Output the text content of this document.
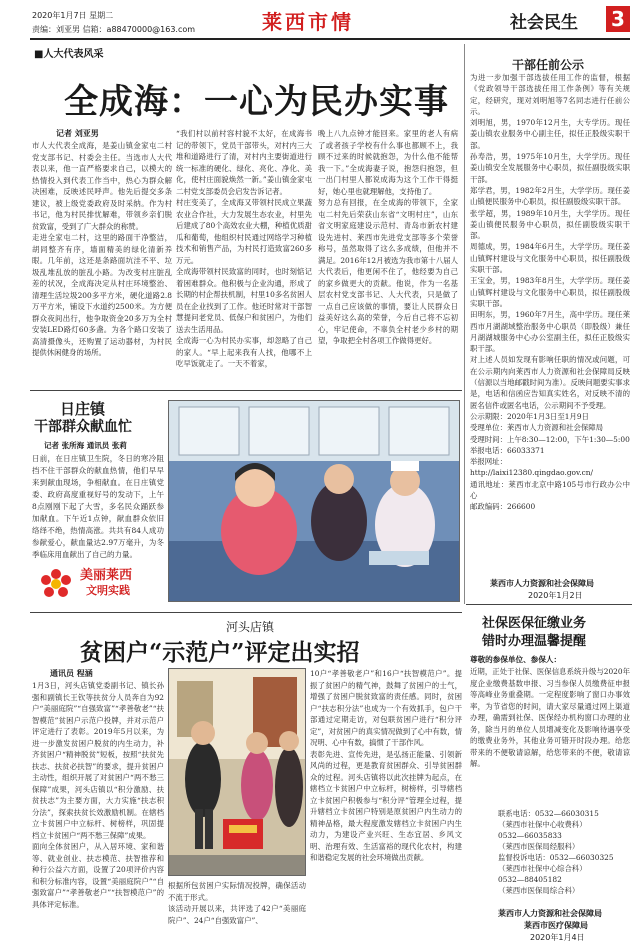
2020年1月7日 星期二
责编：刘亚男 信箱：a88470000@163.com	莱西市情	社会民生 3
■人大代表风采
全成海：一心为民办实事
记者 刘亚男
市人大代表全成海，是姜山镇金家屯二村党支部书记、村委会主任。当选市人大代表以来，他一直严格要求自己，以模大的热情投入到代表工作当中，热心为群众解决困难，反映述民呼声。他先后提交多条建议，被上级党委政府及时采纳。作为村书记，他为村民排忧解难，带领乡亲们脱贫致富，受到了广大群众的称赞。
走进全家屯二村，这里的路面干净整洁，胡同整齐有序，墙面精美的绿化清新养眼。几年前，这还是条路面坑洼不平、垃圾乱堆乱放的脏乱小路。为改变村庄脏乱差的状况，全成海决定从村庄环境整治、清理生活垃圾200多平方米，硬化道路2.8万平方米，铺设下水道约2500米。为方便群众夜间出行，他争取资金20多万为全村安装LED路灯60多盏。为各个路口安装了高清摄像头，还购置了运动器材，为村民提供休闲健身的场所。
“我们村以前村容村貌不太好，在成海书记的带领下，党员干部带头，对村内三大堆和道路进行了清，对村内主要街道进行统一标准的硬化、绿化、亮化、净化、美化，使村庄面貌焕然一新。”姜山镇金家屯二村党支部委员会启发告诉记者。
村庄变美了，全成海又带领村民成立果蔬农业合作社，大力发展生态农业，村里先后建成了80个高效农业大棚，种植优质甜瓜和葡萄，他组织村民通过网络学习种植技术和销售产品，为村民打造致富260多万元。
全成海带领村民致富的同时，也时刻惦记着困难群众。他积极与企业沟通，形成了长期的村企帮扶机制，村里10多名贫困人员在企业找到了工作。他还时常对干部智慧提问老党员、低保户和贫困户，为他们送去生活用品。
全成海一心为村民办实事，却忽略了自己的家人。“早上起来我有人找，他哪不上吃早饭就走了。一天不着家，
晚上八九点钟才能回来。家里的老人有病了或者孩子学校有什么事也都顾不上，我顾不过来的时候就抱怨，为什么他不能帮我一下。”全成海妻子说，抱怨归抱怨，但一出门村里人都说成海为这个工作干得挺好，她心里也就理解他，支持他了。
努力总有回报，在全成海的带领下，全家屯二村先后荣获山东省“文明村庄”，山东省文明家庭建设示范村、青岛市新农村建设先进村、莱西市先进党支部等多个荣誉称号，虽然取得了这么多成绩，但他并不满足。2016年12月被选为我市第十八届人大代表后，他更闲不住了，他经要为自己的家乡做更大的贡献。他说，作为一名基层农村党支部书记、人大代表，只是做了一点自己应该做的事情，要让人民群众日益美好这么高的荣誉，今后自己将不忘初心，牢记使命，不辜负全村老少乡村的期望，争取把全村各项工作做得更好。
干部任前公示
为进一步加强干部选拔任用工作的监督，根据《党政领导干部选拔任用工作条例》等有关规定，经研究，现对刘明旭等7名同志进行任前公示。
刘明旭，男，1970年12月生，大专学历。现任姜山镇农业服务中心副主任，拟任正股级实职干部。
孙寿浩，男，1975年10月生，大学学历。现任姜山镇安全发展服务中心职员，拟任副股级实职干部。
郑学君，男，1982年2月生，大学学历。现任姜山镇便民服务中心职员，拟任副股级实职干部。
张学超，男，1989年10月生，大学学历。现任姜山镇便民服务中心职员，拟任副股级实职干部。
周德成，男，1984年6月生，大学学历。现任姜山镇辉村建设与文化服务中心职员，拟任副股级实职干部。
王宝金，男，1983年8月生，大学学历。现任姜山镇辉村建设与文化服务中心职员，拟任副股级实职干部。
田明东，男，1960年7月生，高中学历。现任莱西市月湖湖域整治服务中心职员（即股级）兼任月湖湖城服务中心办公室副主任，拟任正股级实职干部。
对上述人员如发现有影响任职的情况或问题，可在公示期内向莱西市人力资源和社会保障局反映（信源以当地邮戳时间为准）。反映问题要实事求是，电话和信函应告知真实姓名，对反映不清的匿名信件或匿名电话，公示期间不予受理。
公示期限：2020年1月3日至1月9日
受理单位：莱西市人力资源和社会保障局
受理时间：上午8:30—12:00，下午1:30—5:00
举报电话：66033371
举报网址：
http://laixi12380.qingdao.gov.cn/
通讯地址：莱西市北京中路105号市行政办公中心
邮政编码：266600
莱西市人力资源和社会保障局
2020年1月2日
日庄镇
干部群众献血忙
记者 张所海 通讯员 张莉
日前，在日庄镇卫生院，冬日的寒冷阻挡不住干部群众的献血热情，他们早早来到献血现场，争相献血。在日庄镇党委、政府高度重视好号的发动下，上午8点刚刚下起了大雪，多名民众踊跃参加献血。下午近1点钟，献血群众依旧络绎不绝，热情高涨。共共有84人成功参献爱心，献血量达2.97万毫升，为冬季临床用血献出了自己的力量。
美丽莱西
文明实践
河头店镇
贫困户“示范户”评定出实招
通讯员 程涵
1月3日，河头店镇党委副书记、镇长孙强和副镇长王钦等扶贫分人员奔自为92户“美丽庭院”“自强致富”“孝善敬老”“扶智模范”贫困户示范户投牌，并对示范户评定进行了表彰。2019年5月以来，为进一步激发贫困户脱贫的内生动力，补齐贫困户“精神脱贫”短板，按照“扶贫先扶志、扶贫必扶智”的要求，提升贫困户主动性，组织开展了对贫困户“两不愁三保障”成果，河头店镇以“积分激励、扶贫扶志”为主要方面，大力实施“扶志积分法”，探索扶贫长效激励机制。在辖档立卡贫困户中立标杆、树榜样，巩固提档立卡贫困户“两不愁三保障”成果。
面向全体贫困户，从入居环境、家和谐等、就业创业、扶志模范、扶智推荐和种行公益六方面，设置了20项评价内容和积分标准内容，设置“美丽庭院户”“自强致富户”“孝善敬老户”“扶智模范户”的具体评定标准。
根据所包贫困户实际情况投牌，确保活动不流于形式。
该活动开展以来，共评选了42户“美丽庭院户”、24户“自强致富户”、
10户“孝善敬老户”和16户“扶智模范户”。提振了贫困户的精气神，鼓舞了贫困户的士气，增强了贫困户脱贫致富的责任感。同时，贫困户“扶志积分法”也成为一个有效抓手，包户干部通过定期走访，对包联贫困户进行“积分评定”，对贫困户的真实情况做到了心中有数，情况明、心中有数，搞惯了干部作风。
表彰先进、宣传先进，是弘扬正能量、引领新风尚的过程，更是教育贫困群众、引导贫困群众的过程。河头店镇将以此次挂牌为起点，在辖档立卡贫困户中立标杆，树榜样，引导辖档立卡贫困户积极参与“积分评”管理全过程，提升辖档立卡贫困户特别是原贫困户内生动力的精神品格，最大程度激发辖档立卡贫困户内生动力，为建设产业兴旺、生态宜居、乡风文明、治理有效、生活富裕的现代化农村，构建和谐稳定发展的社会环境做出贡献。
社保医保征缴业务
错时办理温馨提醒
尊敬的参保单位、参保人：
近期，正处于社保、医保信息系统升级与2020年度企业缴费基数申报、习当参保人员缴费征申报等高峰业务重叠期。一定程度影响了窗口办事效率，为节省您的时间，请大家尽量通过网上渠道办理，确需到社保、医保经办机构窗口办理的业务，除当月的单位人员增减变化及影响待遇享受的缴费业务外，其他业务可错开时段办理。给您带来的不便敬请谅解，给您带来的不便，敬请谅解。
联系电话：0532—66030315
（莱西市社保中心收费科）
0532—66035833
（莱西市医保局经服科）
监督投诉电话：0532—66030325
（莱西市社保中心综合科）
0532—88405182
（莱西市医保局综合科）
莱西市人力资源和社会保障局
莱西市医疗保障局
2020年1月4日
